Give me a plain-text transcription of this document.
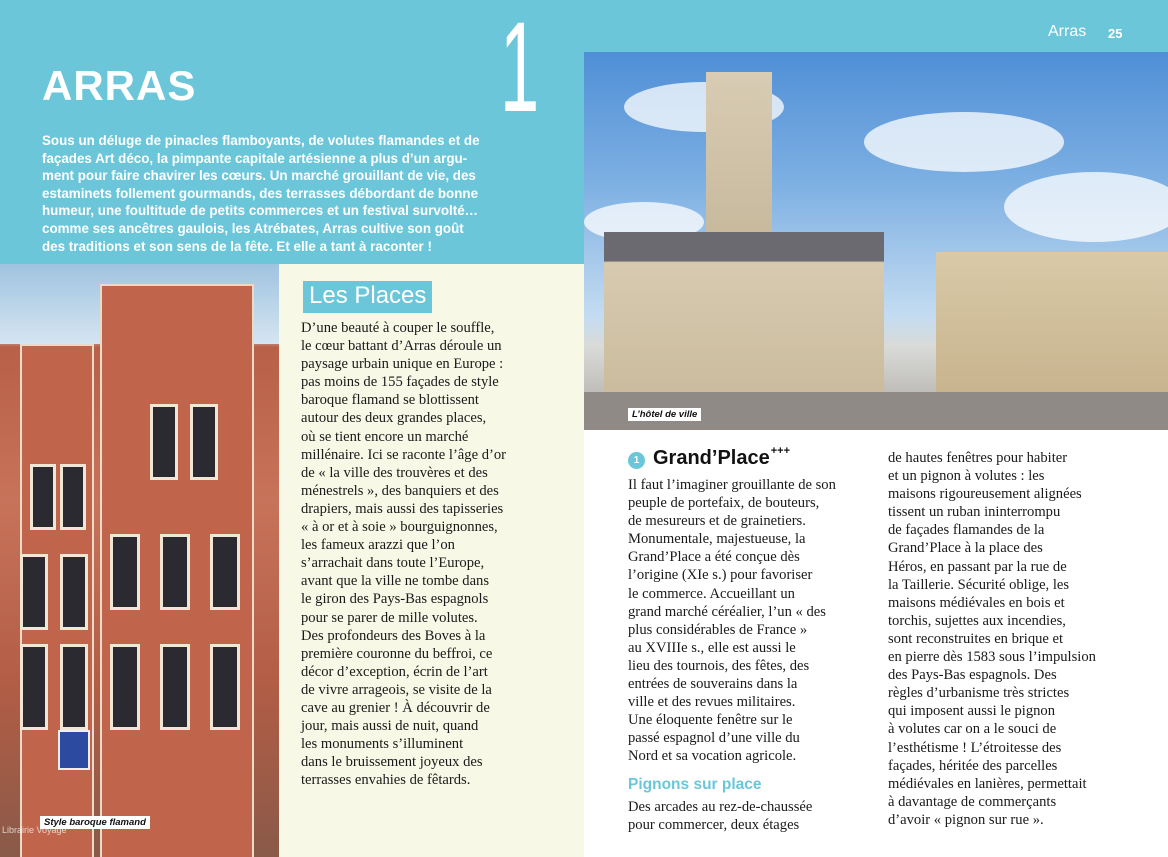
ARRAS 1
Sous un déluge de pinacles flamboyants, de volutes flamandes et de
façades Art déco, la pimpante capitale artésienne a plus d’un argu-
ment pour faire chavirer les cœurs. Un marché grouillant de vie, des
estaminets follement gourmands, des terrasses débordant de bonne
humeur, une foultitude de petits commerces et un festival survolté…
comme ses ancêtres gaulois, les Atrébates, Arras cultive son goût
des traditions et son sens de la fête. Et elle a tant à raconter !
Style baroque flamand
Librairie Voyage
Les Places
D’une beauté à couper le souffle,
le cœur battant d’Arras déroule un
paysage urbain unique en Europe :
pas moins de 155 façades de style
baroque flamand se blottissent
autour des deux grandes places,
où se tient encore un marché
millénaire. Ici se raconte l’âge d’or
de « la ville des trouvères et des
ménestrels », des banquiers et des
drapiers, mais aussi des tapisseries
« à or et à soie » bourguignonnes,
les fameux arazzi que l’on
s’arrachait dans toute l’Europe,
avant que la ville ne tombe dans
le giron des Pays-Bas espagnols
pour se parer de mille volutes.
Des profondeurs des Boves à la
première couronne du beffroi, ce
décor d’exception, écrin de l’art
de vivre arrageois, se visite de la
cave au grenier ! À découvrir de
jour, mais aussi de nuit, quand
les monuments s’illuminent
dans le bruissement joyeux des
terrasses envahies de fêtards.
Arras 25
L’hôtel de ville
1 Grand’Place+++
Il faut l’imaginer grouillante de son
peuple de portefaix, de bouteurs,
de mesureurs et de grainetiers.
Monumentale, majestueuse, la
Grand’Place a été conçue dès
l’origine (XIe s.) pour favoriser
le commerce. Accueillant un
grand marché céréalier, l’un « des
plus considérables de France »
au XVIIIe s., elle est aussi le
lieu des tournois, des fêtes, des
entrées de souverains dans la
ville et des revues militaires.
Une éloquente fenêtre sur le
passé espagnol d’une ville du
Nord et sa vocation agricole.
Pignons sur place
Des arcades au rez-de-chaussée
pour commercer, deux étages
de hautes fenêtres pour habiter
et un pignon à volutes : les
maisons rigoureusement alignées
tissent un ruban ininterrompu
de façades flamandes de la
Grand’Place à la place des
Héros, en passant par la rue de
la Taillerie. Sécurité oblige, les
maisons médiévales en bois et
torchis, sujettes aux incendies,
sont reconstruites en brique et
en pierre dès 1583 sous l’impulsion
des Pays-Bas espagnols. Des
règles d’urbanisme très strictes
qui imposent aussi le pignon
à volutes car on a le souci de
l’esthétisme ! L’étroitesse des
façades, héritée des parcelles
médiévales en lanières, permettait
à davantage de commerçants
d’avoir « pignon sur rue ».
